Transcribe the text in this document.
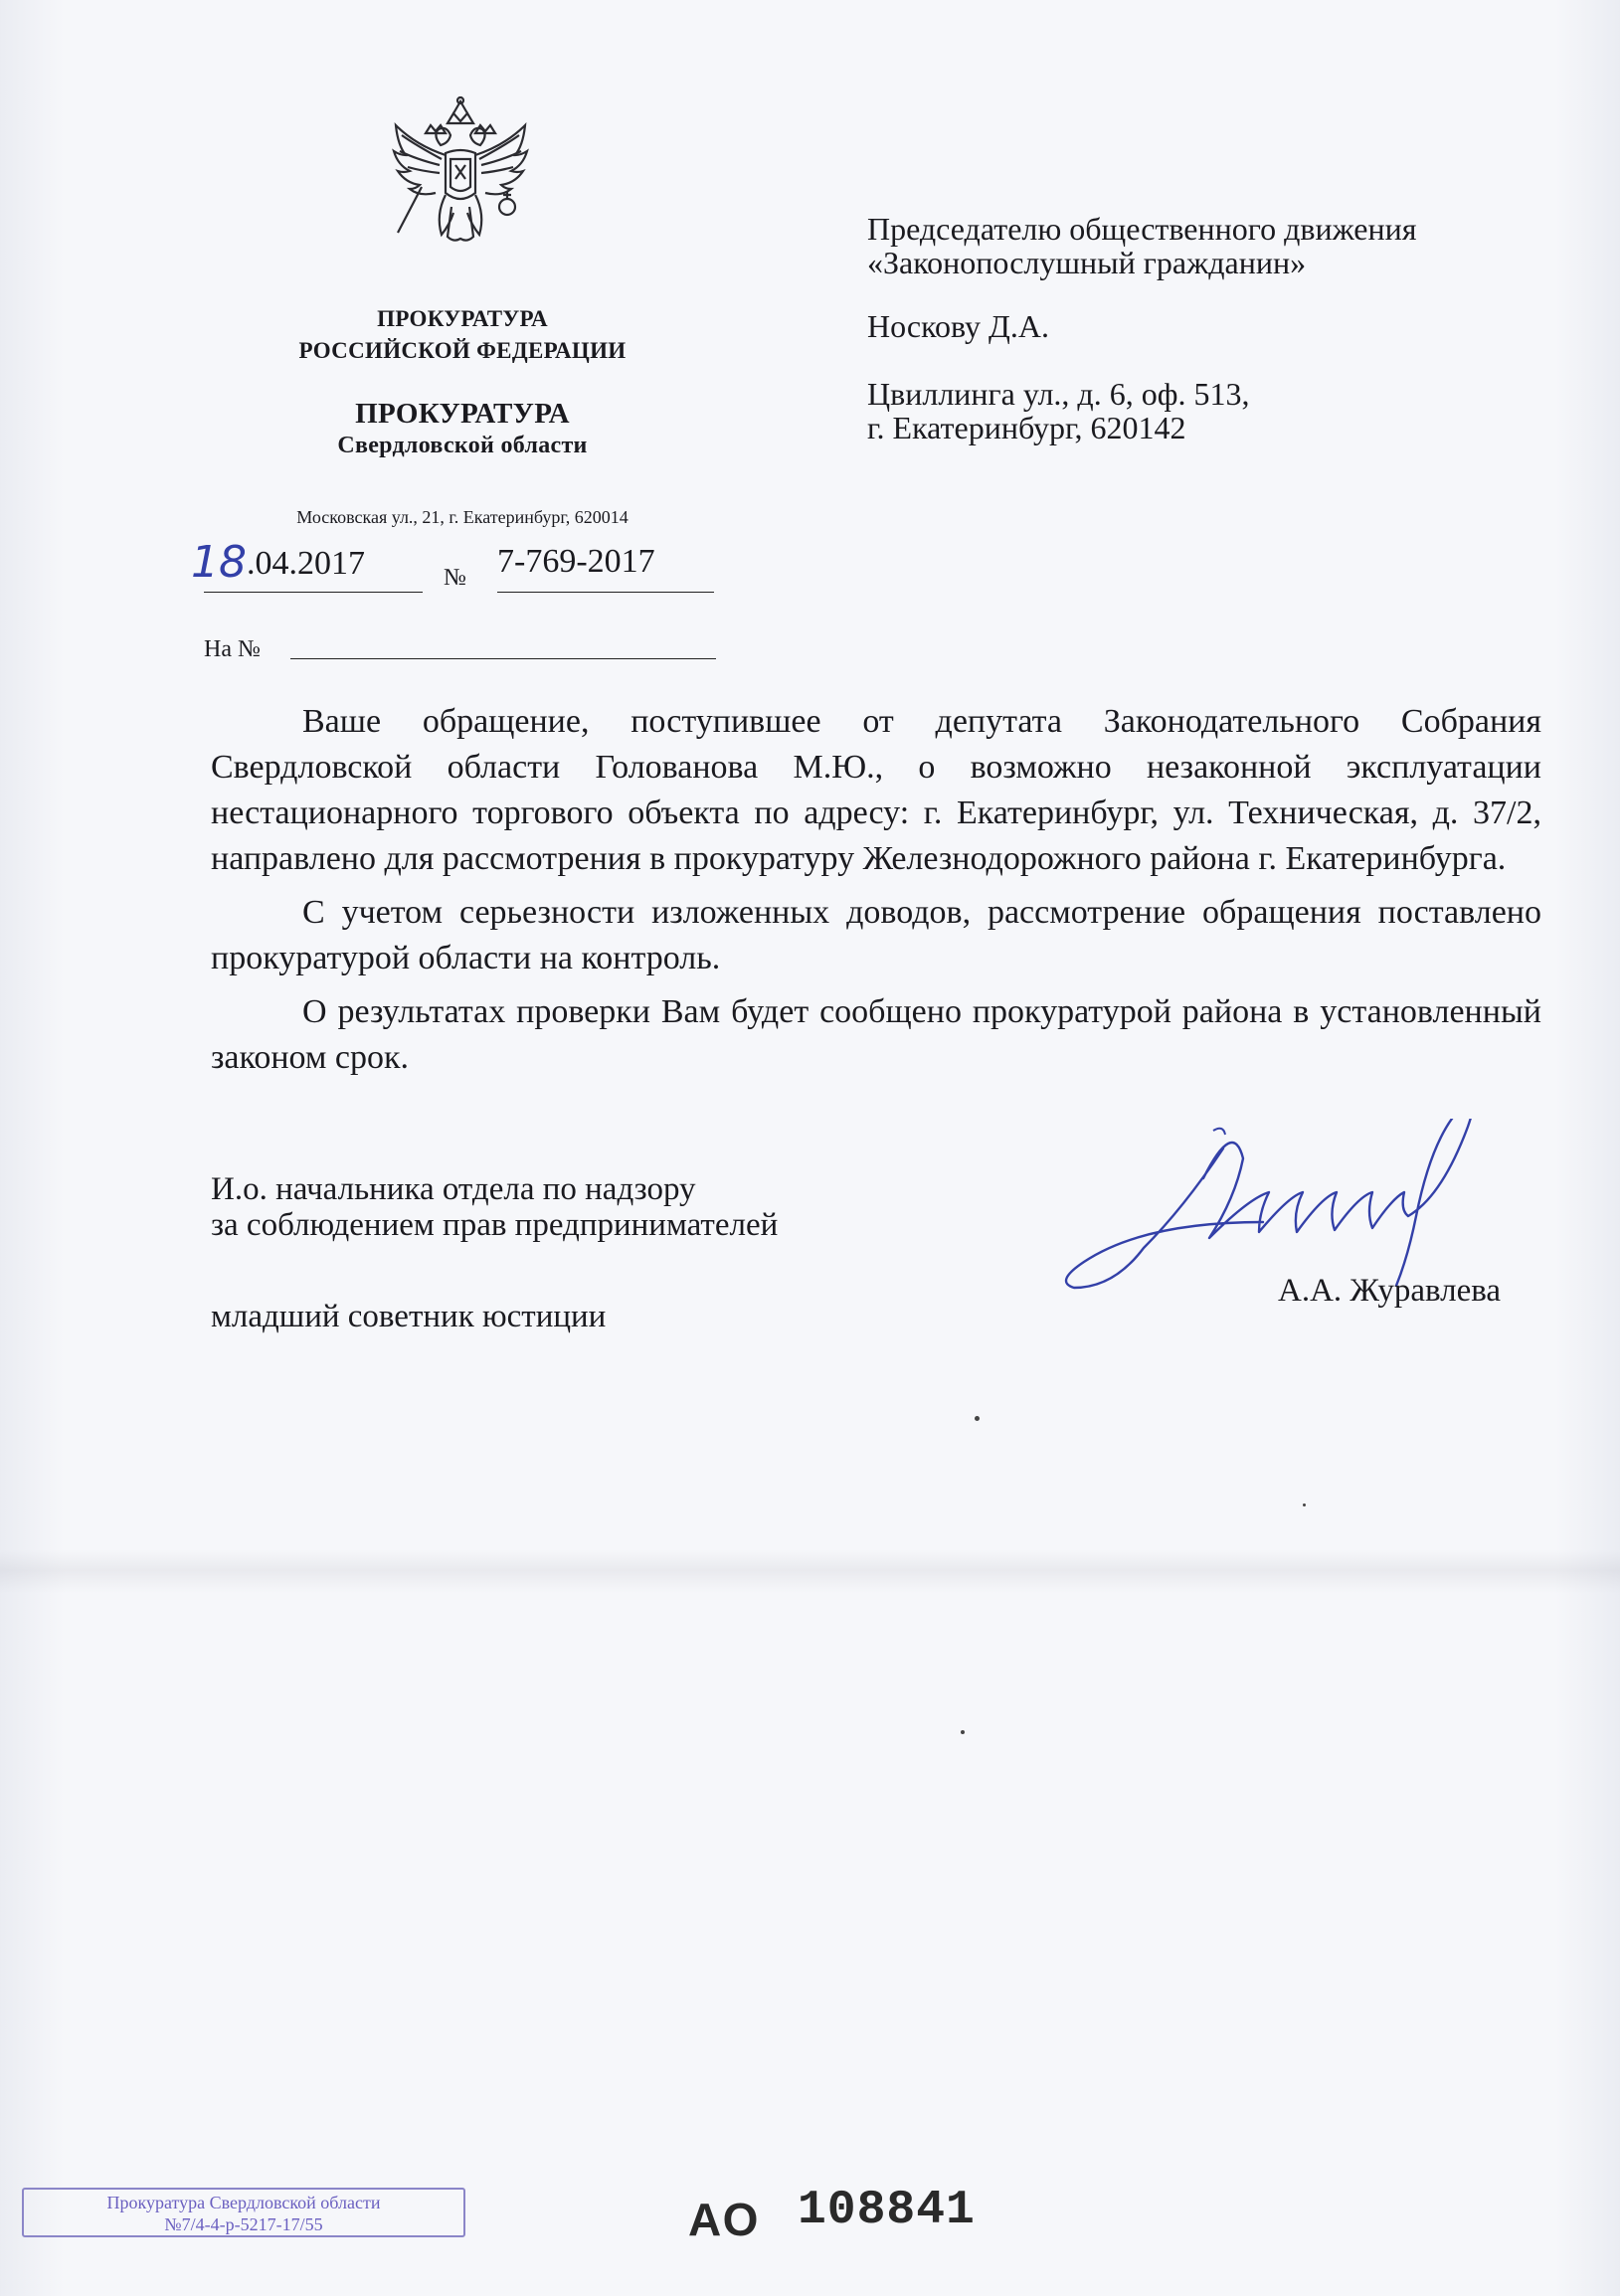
ПРОКУРАТУРА
РОССИЙСКОЙ ФЕДЕРАЦИИ
ПРОКУРАТУРА
Свердловской области
Московская ул., 21, г. Екатеринбург, 620014
18 .04.2017	№ 7-769-2017
На №

Председателю общественного движения «Законопослушный гражданин»

Носкову Д.А.

Цвиллинга ул., д. 6, оф. 513,

г. Екатеринбург, 620142

Ваше обращение, поступившее от депутата Законодательного Собрания Свердловской области Голованова М.Ю., о возможно незаконной эксплуатации нестационарного торгового объекта по адресу: г. Екатеринбург, ул. Техническая, д. 37/2, направлено для рассмотрения в прокуратуру Железнодорожного района г. Екатеринбурга.

С учетом серьезности изложенных доводов, рассмотрение обращения поставлено прокуратурой области на контроль.

О результатах проверки Вам будет сообщено прокуратурой района в установленный законом срок.

И.о. начальника отдела по надзору

за соблюдением прав предпринимателей

младший советник юстиции

А.А. Журавлева
Прокуратура Свердловской области
№7/4-4-р-5217-17/55	АО 108841
